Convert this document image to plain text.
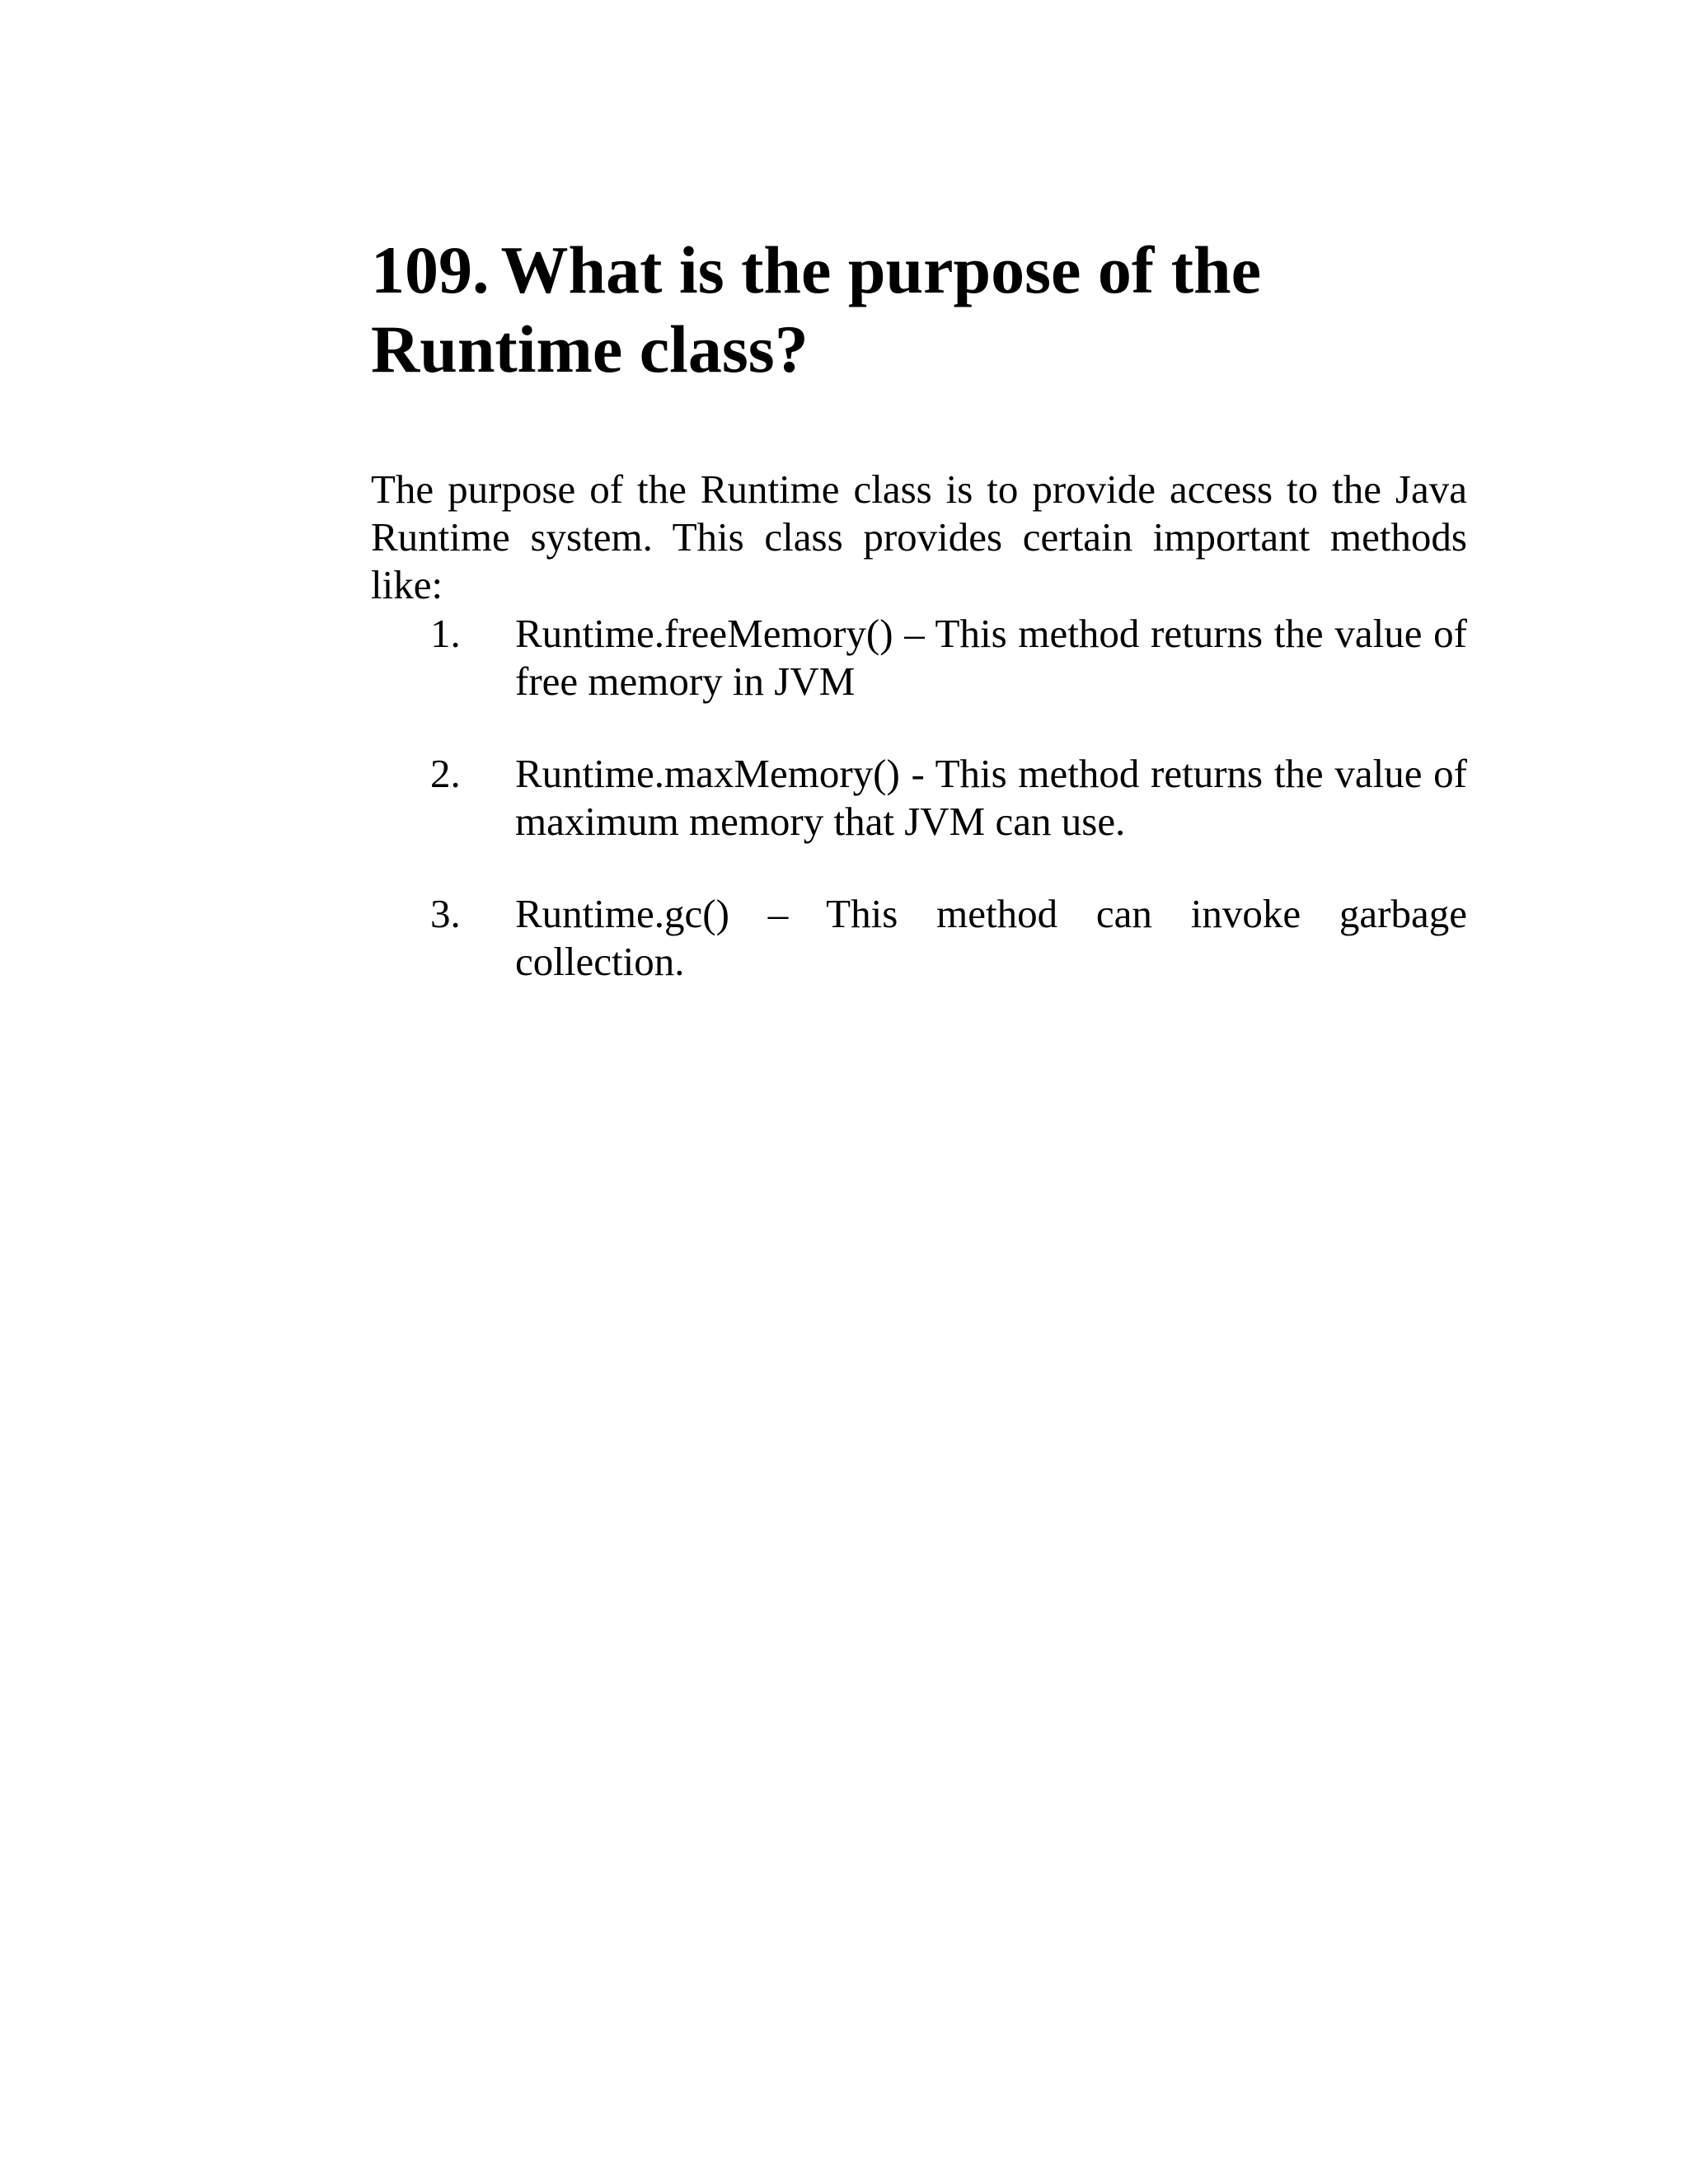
109. What is the purpose of the
Runtime class?

The purpose of the Runtime class is to provide access to the Java Runtime system. This class provides certain important methods like:

1. Runtime.freeMemory() – This method returns the value of free memory in JVM
2. Runtime.maxMemory() - This method returns the value of maximum memory that JVM can use.
3. Runtime.gc() – This method can invoke garbage collection.
